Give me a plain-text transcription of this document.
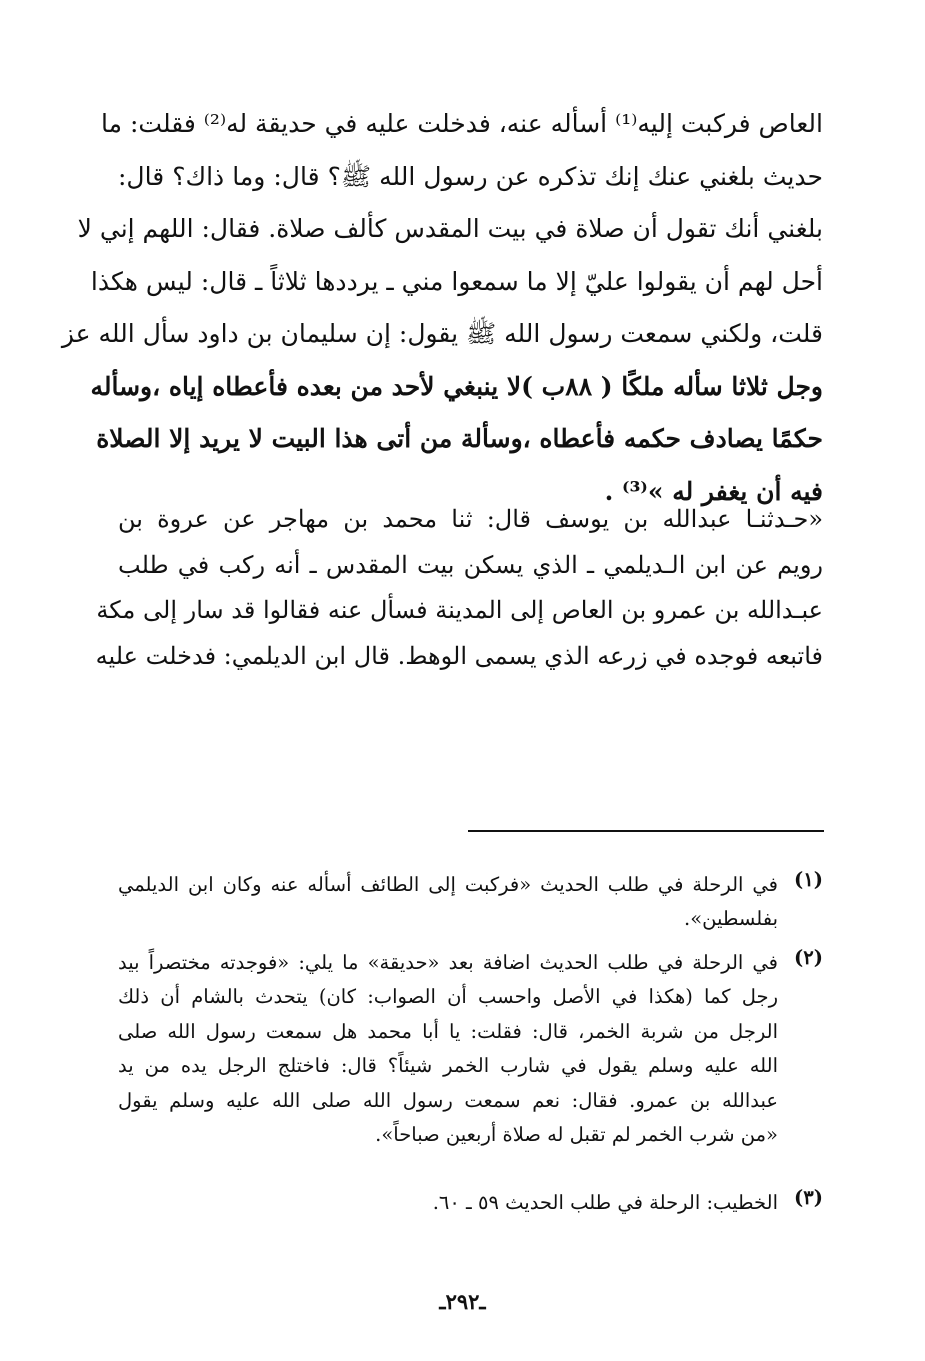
العاص فركبت إليه⁽¹⁾ أسأله عنه، فدخلت عليه في حديقة له⁽²⁾ فقلت: ما
حديث بلغني عنك إنك تذكره عن رسول الله ﷺ؟ قال: وما ذاك؟ قال:
بلغني أنك تقول أن صلاة في بيت المقدس كألف صلاة. فقال: اللهم إني لا
أحل لهم أن يقولوا عليّ إلا ما سمعوا مني ـ يرددها ثلاثاً ـ قال: ليس هكذا
قلت، ولكني سمعت رسول الله ﷺ يقول: إن سليمان بن داود سأل الله عز
وجل ثلاثا سأله ملكًا ( ٨٨ب )لا ينبغي لأحد من بعده فأعطاه إياه ،وسأله
حكمًا يصادف حكمه فأعطاه ،وسألة من أتى هذا البيت لا يريد إلا الصلاة
فيه أن يغفر له »⁽³⁾ .
«حـدثنـا عبدالله بن يوسف قال: ثنا محمد بن مهاجر عن عروة بن
رويم عن ابن الـديلمي ـ الذي يسكن بيت المقدس ـ أنه ركب في طلب
عبـدالله بن عمرو بن العاص إلى المدينة فسأل عنه فقالوا قد سار إلى مكة
فاتبعه فوجده في زرعه الذي يسمى الوهط. قال ابن الديلمي: فدخلت عليه
(١)
في الرحلة في طلب الحديث «فركبت إلى الطائف أسأله عنه وكان ابن الديلمي
بفلسطين».
(٢)
في الرحلة في طلب الحديث اضافة بعد «حديقة» ما يلي: «فوجدته مختصراً بيد
رجل كما (هكذا في الأصل واحسب أن الصواب: كان) يتحدث بالشام أن ذلك
الرجل من شربة الخمر، قال: فقلت: يا أبا محمد هل سمعت رسول الله صلى
الله عليه وسلم يقول في شارب الخمر شيئاً؟ قال: فاختلج الرجل يده من يد
عبدالله بن عمرو. فقال: نعم سمعت رسول الله صلى الله عليه وسلم يقول
«من شرب الخمر لم تقبل له صلاة أربعين صباحاً».
(٣)
الخطيب: الرحلة في طلب الحديث ٥٩ ـ ٦٠.
ـ٢٩٢ـ
